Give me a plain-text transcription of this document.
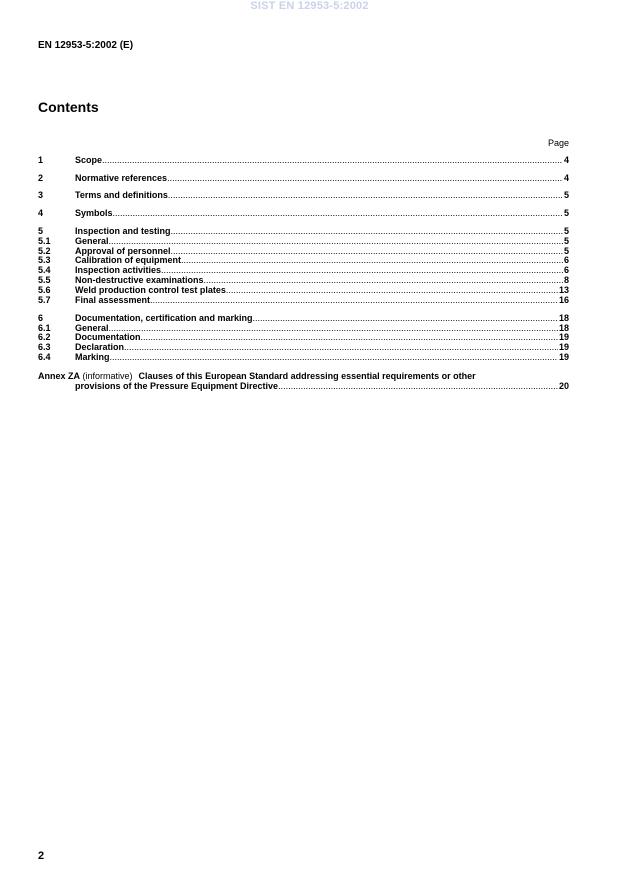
SIST EN 12953-5:2002
EN 12953-5:2002 (E)
Contents
Page
1	Scope .....	4
2	Normative references .....	4
3	Terms and definitions .....	5
4	Symbols .....	5
5	Inspection and testing .....	5
5.1	General .....	5
5.2	Approval of personnel .....	5
5.3	Calibration of equipment .....	6
5.4	Inspection activities .....	6
5.5	Non-destructive examinations .....	8
5.6	Weld production control test plates .....	13
5.7	Final assessment .....	16
6	Documentation, certification and marking .....	18
6.1	General .....	18
6.2	Documentation .....	19
6.3	Declaration .....	19
6.4	Marking .....	19
Annex ZA (informative) Clauses of this European Standard addressing essential requirements or other
provisions of the Pressure Equipment Directive .....	20
2
